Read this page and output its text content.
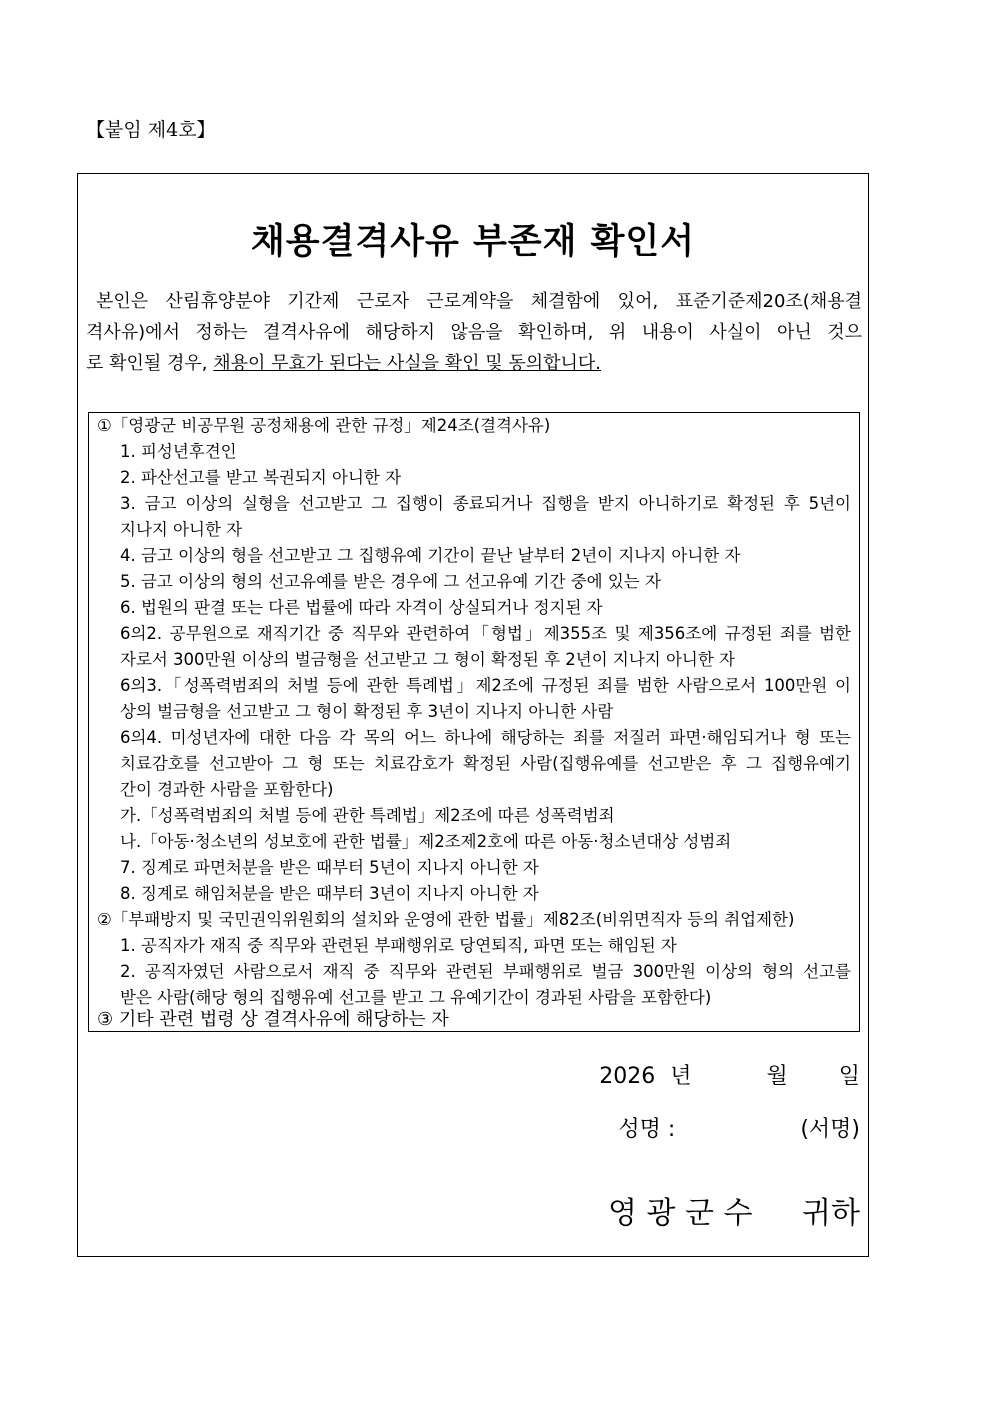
【붙임 제4호】
채용결격사유 부존재 확인서
본인은 산림휴양분야 기간제 근로자 근로계약을 체결함에 있어, 표준기준제20조(채용결
격사유)에서 정하는 결격사유에 해당하지 않음을 확인하며, 위 내용이 사실이 아닌 것으
로 확인될 경우, 채용이 무효가 된다는 사실을 확인 및 동의합니다.
①「영광군 비공무원 공정채용에 관한 규정」제24조(결격사유)
1. 피성년후견인
2. 파산선고를 받고 복권되지 아니한 자
3. 금고 이상의 실형을 선고받고 그 집행이 종료되거나 집행을 받지 아니하기로 확정된 후 5년이
지나지 아니한 자
4. 금고 이상의 형을 선고받고 그 집행유예 기간이 끝난 날부터 2년이 지나지 아니한 자
5. 금고 이상의 형의 선고유예를 받은 경우에 그 선고유예 기간 중에 있는 자
6. 법원의 판결 또는 다른 법률에 따라 자격이 상실되거나 정지된 자
6의2. 공무원으로 재직기간 중 직무와 관련하여「형법」제355조 및 제356조에 규정된 죄를 범한
자로서 300만원 이상의 벌금형을 선고받고 그 형이 확정된 후 2년이 지나지 아니한 자
6의3.「성폭력범죄의 처벌 등에 관한 특례법」제2조에 규정된 죄를 범한 사람으로서 100만원 이
상의 벌금형을 선고받고 그 형이 확정된 후 3년이 지나지 아니한 사람
6의4. 미성년자에 대한 다음 각 목의 어느 하나에 해당하는 죄를 저질러 파면·해임되거나 형 또는
치료감호를 선고받아 그 형 또는 치료감호가 확정된 사람(집행유예를 선고받은 후 그 집행유예기
간이 경과한 사람을 포함한다)
가.「성폭력범죄의 처벌 등에 관한 특례법」제2조에 따른 성폭력범죄
나.「아동·청소년의 성보호에 관한 법률」제2조제2호에 따른 아동·청소년대상 성범죄
7. 징계로 파면처분을 받은 때부터 5년이 지나지 아니한 자
8. 징계로 해임처분을 받은 때부터 3년이 지나지 아니한 자
②「부패방지 및 국민권익위원회의 설치와 운영에 관한 법률」제82조(비위면직자 등의 취업제한)
1. 공직자가 재직 중 직무와 관련된 부패행위로 당연퇴직, 파면 또는 해임된 자
2. 공직자였던 사람으로서 재직 중 직무와 관련된 부패행위로 벌금 300만원 이상의 형의 선고를
받은 사람(해당 형의 집행유예 선고를 받고 그 유예기간이 경과된 사람을 포함한다)
③ 기타 관련 법령 상 결격사유에 해당하는 자
2026 년	월 일
성명 :	(서명)
영 광 군 수 귀하
